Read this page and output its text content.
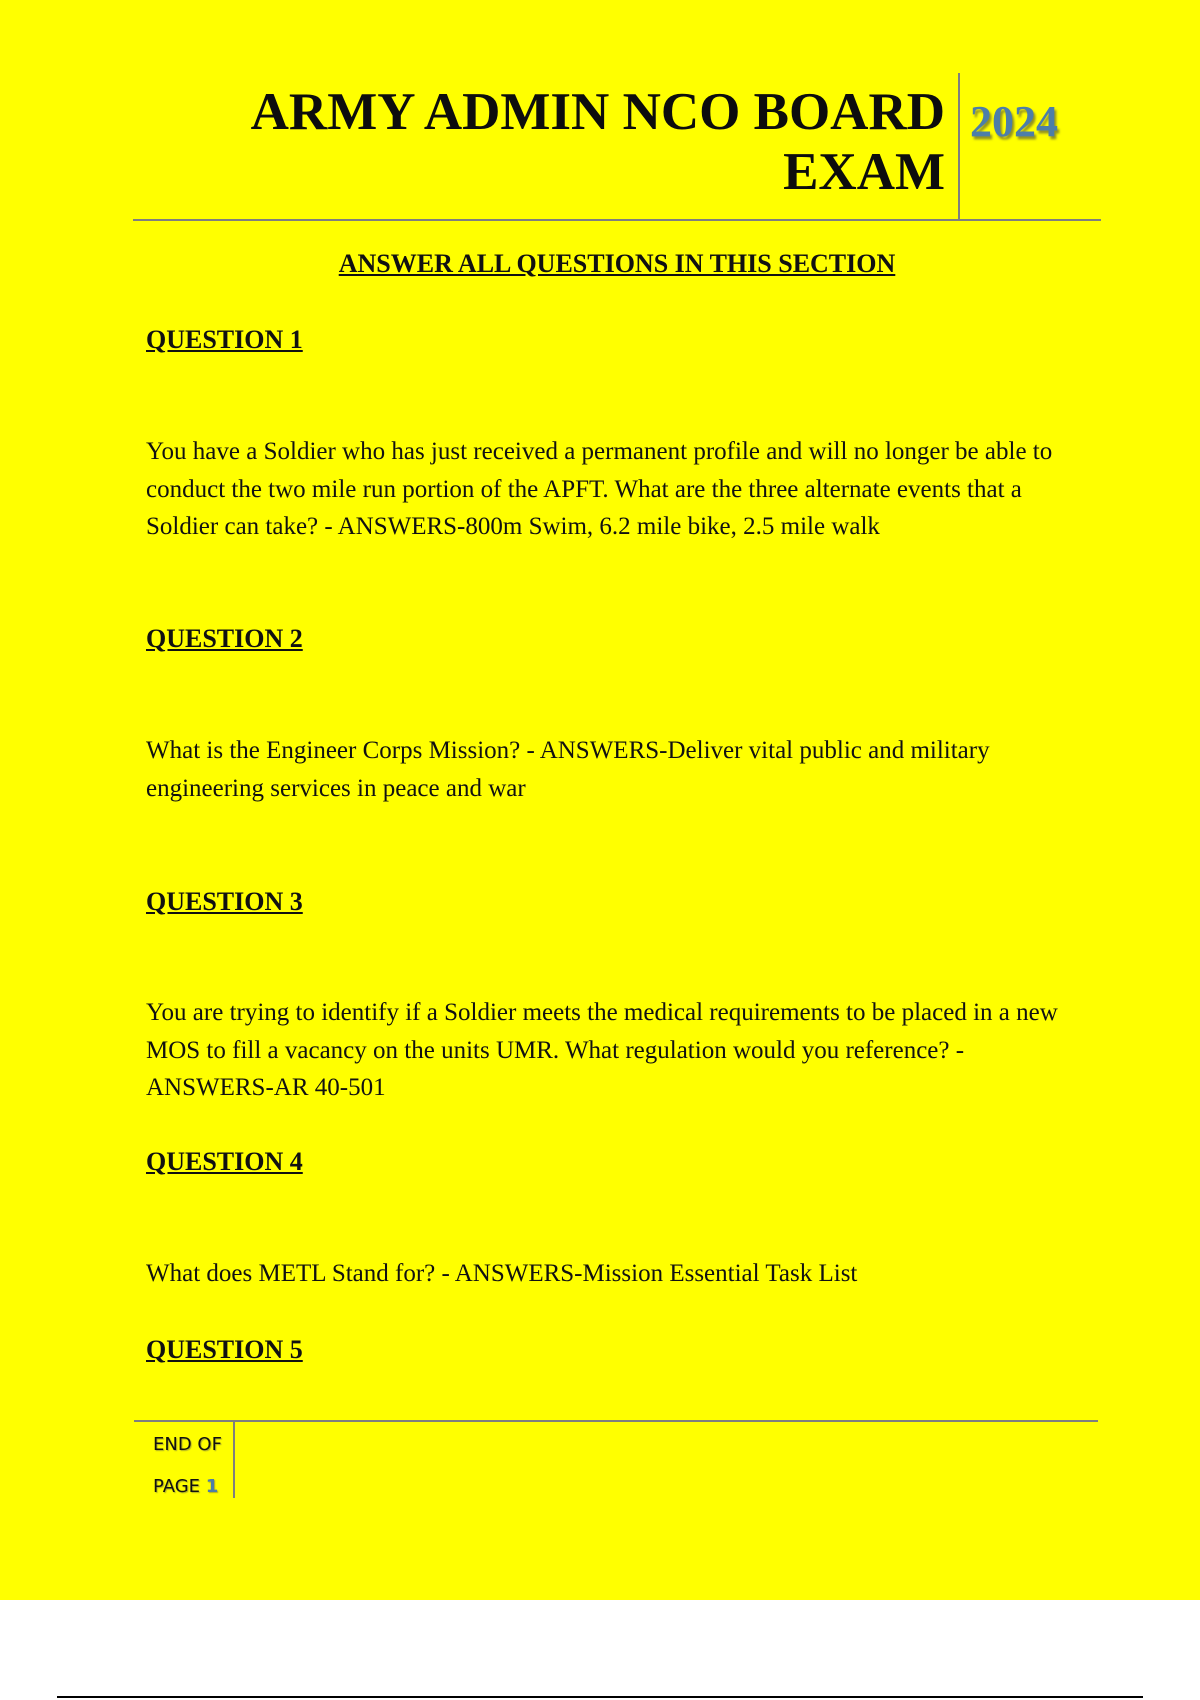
ARMY ADMIN NCO BOARD EXAM
2024
ANSWER ALL QUESTIONS IN THIS SECTION
QUESTION 1
You have a Soldier who has just received a permanent profile and will no longer be able to conduct the two mile run portion of the APFT. What are the three alternate events that a Soldier can take? - ANSWERS-800m Swim, 6.2 mile bike, 2.5 mile walk
QUESTION 2
What is the Engineer Corps Mission? - ANSWERS-Deliver vital public and military engineering services in peace and war
QUESTION 3
You are trying to identify if a Soldier meets the medical requirements to be placed in a new MOS to fill a vacancy on the units UMR. What regulation would you reference? - ANSWERS-AR 40-501
QUESTION 4
What does METL Stand for? - ANSWERS-Mission Essential Task List
QUESTION 5
END OF
PAGE 1
